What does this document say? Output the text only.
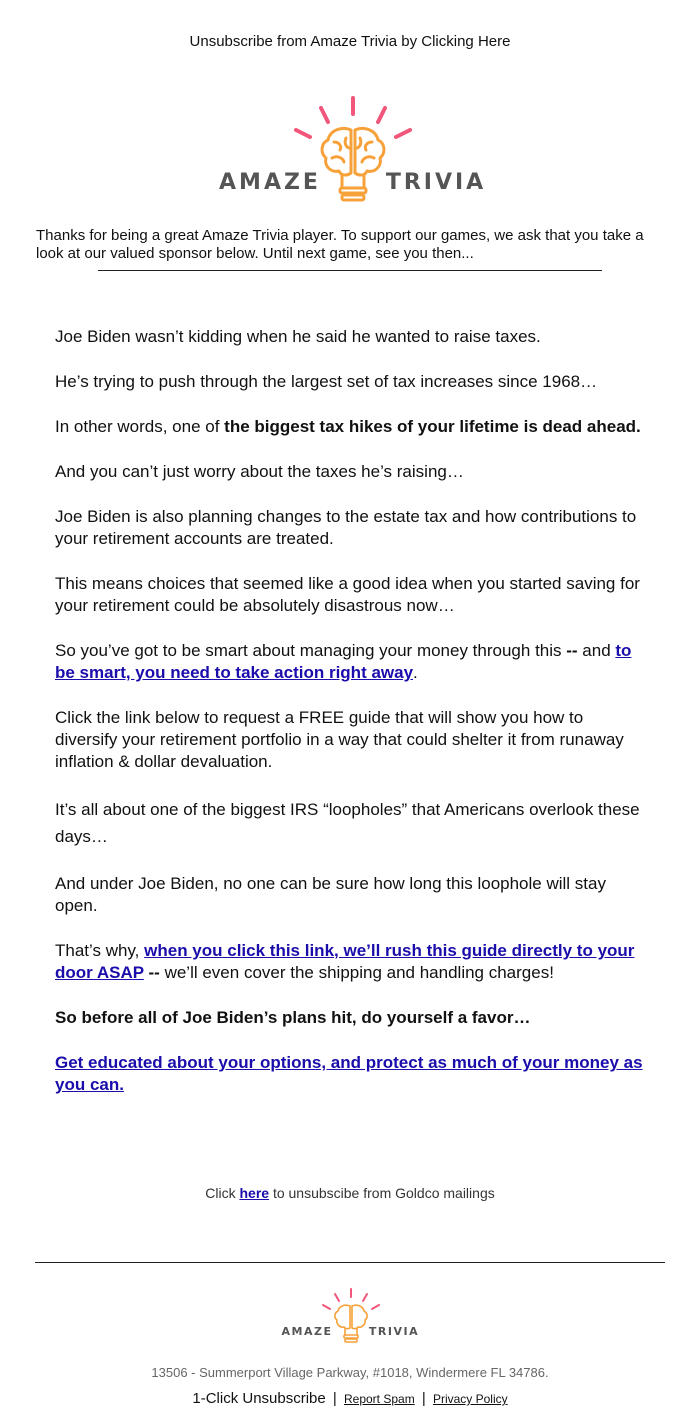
Unsubscribe from Amaze Trivia by Clicking Here
AMAZE	TRIVIA
Thanks for being a great Amaze Trivia player. To support our games, we ask that you take a look at our valued sponsor below. Until next game, see you then...

Joe Biden wasn’t kidding when he said he wanted to raise taxes.

He’s trying to push through the largest set of tax increases since 1968…

In other words, one of the biggest tax hikes of your lifetime is dead ahead.

And you can’t just worry about the taxes he’s raising…

Joe Biden is also planning changes to the estate tax and how contributions to your retirement accounts are treated.

This means choices that seemed like a good idea when you started saving for your retirement could be absolutely disastrous now…

So you’ve got to be smart about managing your money through this -- and to be smart, you need to take action right away.

Click the link below to request a FREE guide that will show you how to diversify your retirement portfolio in a way that could shelter it from runaway inflation & dollar devaluation.

It’s all about one of the biggest IRS “loopholes” that Americans overlook these days…

And under Joe Biden, no one can be sure how long this loophole will stay open.

That’s why, when you click this link, we’ll rush this guide directly to your door ASAP -- we’ll even cover the shipping and handling charges!

So before all of Joe Biden’s plans hit, do yourself a favor…

Get educated about your options, and protect as much of your money as you can.

Click here to unsubscibe from Goldco mailings
AMAZE	TRIVIA
13506 - Summerport Village Parkway, #1018, Windermere FL 34786.
1-Click Unsubscribe | Report Spam | Privacy Policy
